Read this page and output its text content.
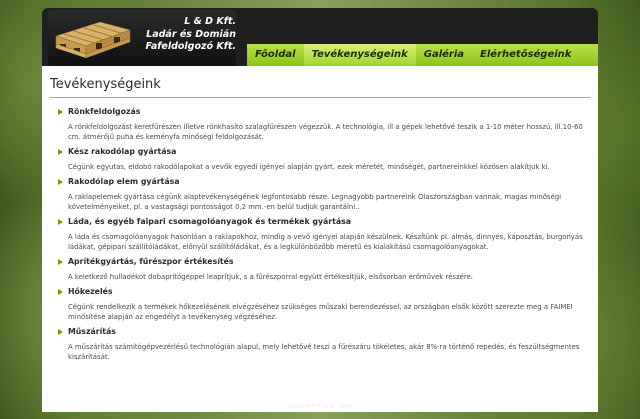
L & D Kft.
Ladár és Domián
Fafeldolgozó Kft.
Főoldal	Tevékenységeink	Galéria	Elérhetőségeink
Tevékenységeink
Rönkfeldolgozás
A rönkfeldolgozást keretfűrészen illetve rönkhasító szalagfűrészen végezzük. A technológia, ill a gépek lehetővé teszik a 1-10 méter hosszú, ill.10-60 cm. átmérőjű puha és keményfa minőségi feldolgozását.
Kész rakodólap gyártása
Cégünk egyutas, eldobó rakodólapokat a vevők egyedi igényei alapján gyárt, ezek méretét, minőségét, partnereinkkel közösen alakítjuk ki.
Rakodólap elem gyártása
A raklapelemek gyártása cégünk alaptevékenységének legfontosabb része. Legnagyobb partnereink Olaszországban vannak, magas minőségi követelményeiket, pl. a vastagsági pontosságot 0,2 mm.-en belül tudjuk garantálni..
Láda, és egyéb faipari csomagolóanyagok és termékek gyártása
A láda és csomagolóanyagok hasonlóan a raklapokhoz, mindig a vevő igényei alapján készülnek. Készítünk pl. almás, dinnyés, káposztás, burgonyás ládákat, gépipari szállítóládákat, előnyül szállítóládákat, és a legkülönbözőbb méretű és kialakítású csomagolóanyagokat.
Aprítékgyártás, fűrészpor értékesítés
A keletkező hulladékot dobaprítógéppel leaprítjuk, s a fűrészporral együtt értékesítjük, elsősorban erőművek részére.
Hőkezelés
Cégünk rendelkezik a termékek hőkezelésének elvégzéséhez szükséges műszaki berendezéssel, az országban elsők között szerezte meg a FAIMEI minősítése alapján az engedélyt a tevékenység végzéséhez.
Műszárítás
A műszárítás számítógépvezérlésű technológián alapul, mely lehetővé teszi a fűrészáru tökéletes, akár 8%-ra történő repedés, és feszültségmentes kiszárítását.
KÉSZÍTETTE A © 2008
